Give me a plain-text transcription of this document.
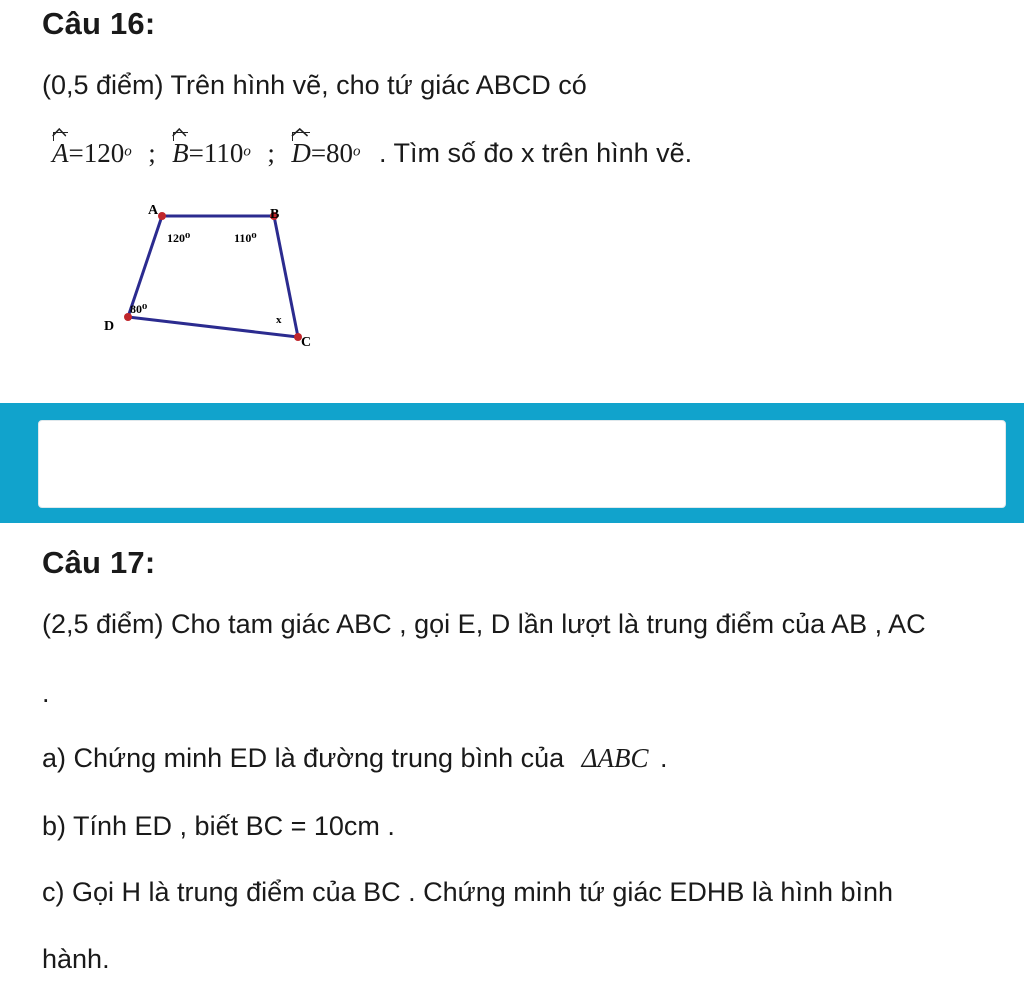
Câu 16:
(0,5 điểm) Trên hình vẽ, cho tứ giác ABCD có
$A=120^o$ ; $B=110^o$ ; $D=80^o$ . Tìm số đo x trên hình vẽ.
A	B
C
D
120⁰	110⁰
80⁰
x
Câu 17:
(2,5 điểm) Cho tam giác ABC , gọi E, D lần lượt là trung điểm của AB , AC
.
a) Chứng minh ED là đường trung bình của ΔABC .
b) Tính ED , biết BC = 10cm .
c) Gọi H là trung điểm của BC . Chứng minh tứ giác EDHB là hình bình
hành.
